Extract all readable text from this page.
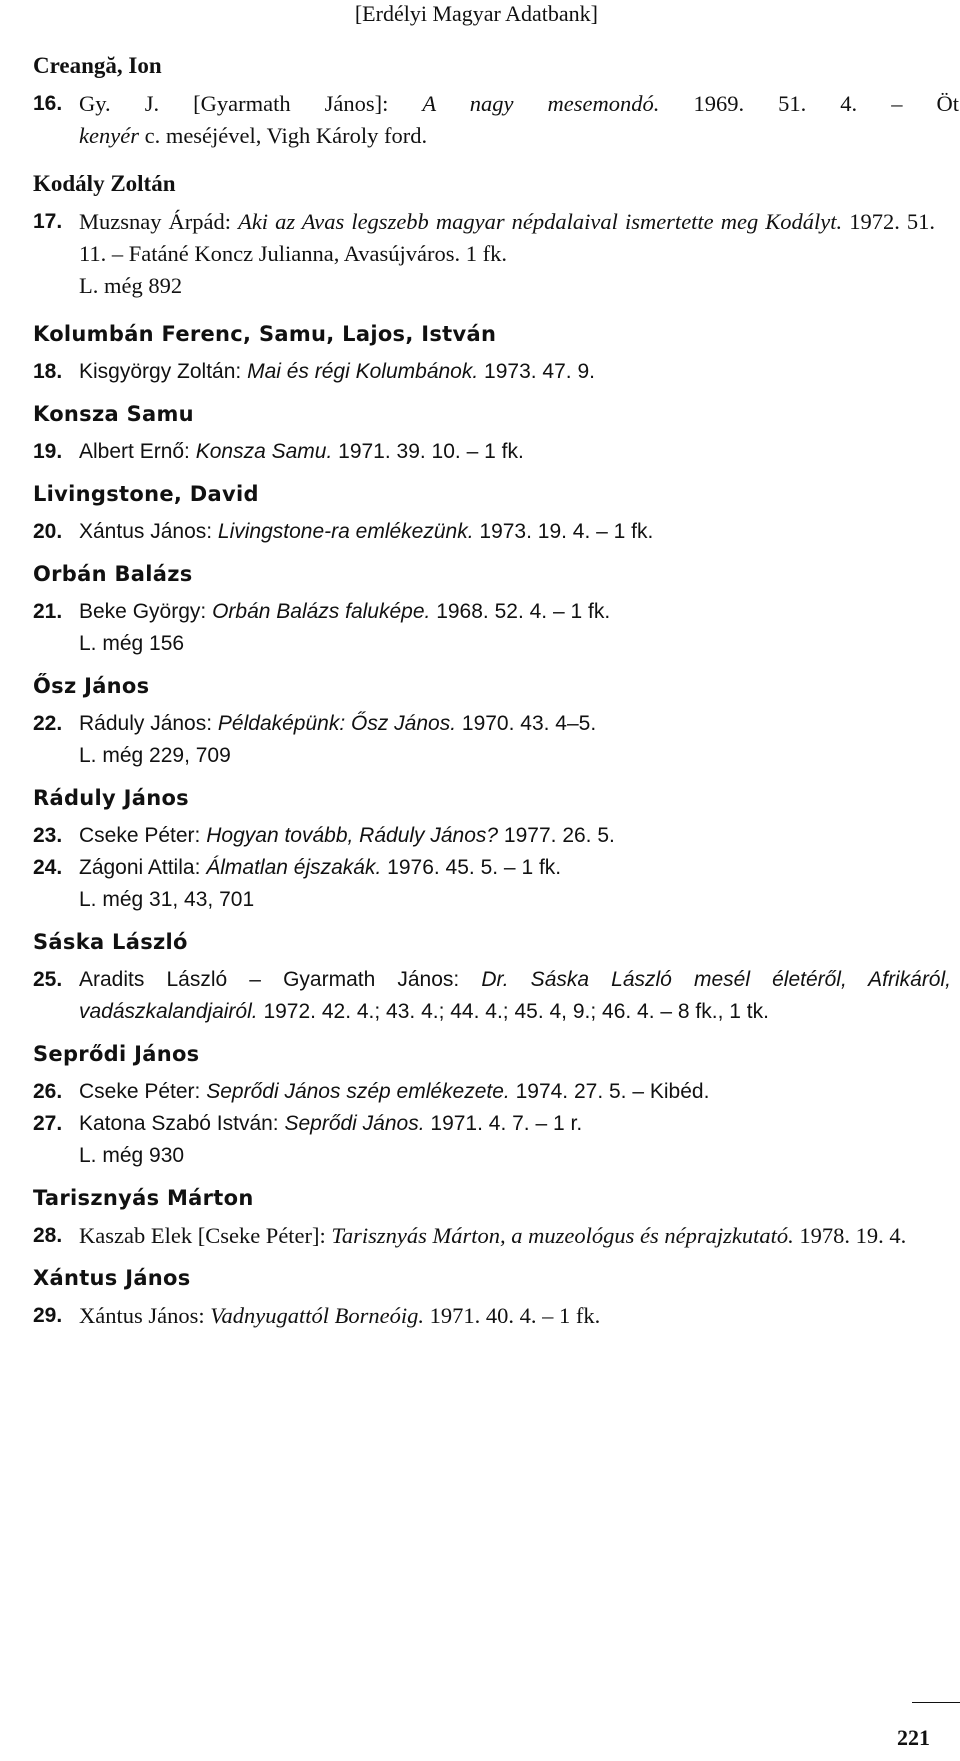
[Erdélyi Magyar Adatbank]
Creangă, Ion
16. Gy. J. [Gyarmath János]: A nagy mesemondó. 1969. 51. 4. – Öt
kenyér c. meséjével, Vigh Károly ford.
Kodály Zoltán
17. Muzsnay Árpád: Aki az Avas legszebb magyar népdalaival ismertette meg Kodályt. 1972. 51. 11. – Fatáné Koncz Julianna, Avasújváros. 1 fk.
L. még 892
Kolumbán Ferenc, Samu, Lajos, István
18. Kisgyörgy Zoltán: Mai és régi Kolumbánok. 1973. 47. 9.
Konsza Samu
19. Albert Ernő: Konsza Samu. 1971. 39. 10. – 1 fk.
Livingstone, David
20. Xántus János: Livingstone-ra emlékezünk. 1973. 19. 4. – 1 fk.
Orbán Balázs
21. Beke György: Orbán Balázs faluképe. 1968. 52. 4. – 1 fk.
L. még 156
Ősz János
22. Ráduly János: Példaképünk: Ősz János. 1970. 43. 4–5.
L. még 229, 709
Ráduly János
23. Cseke Péter: Hogyan tovább, Ráduly János? 1977. 26. 5.
24. Zágoni Attila: Álmatlan éjszakák. 1976. 45. 5. – 1 fk.
L. még 31, 43, 701
Sáska László
25. Aradits László – Gyarmath János: Dr. Sáska László mesél életéről, Afrikáról, vadászkalandjairól. 1972. 42. 4.; 43. 4.; 44. 4.; 45. 4, 9.; 46. 4. – 8 fk., 1 tk.
Seprődi János
26. Cseke Péter: Seprődi János szép emlékezete. 1974. 27. 5. – Kibéd.
27. Katona Szabó István: Seprődi János. 1971. 4. 7. – 1 r.
L. még 930
Tarisznyás Márton
28. Kaszab Elek [Cseke Péter]: Tarisznyás Márton, a muzeológus és néprajzkutató. 1978. 19. 4.
Xántus János
29. Xántus János: Vadnyugattól Borneóig. 1971. 40. 4. – 1 fk.
221
